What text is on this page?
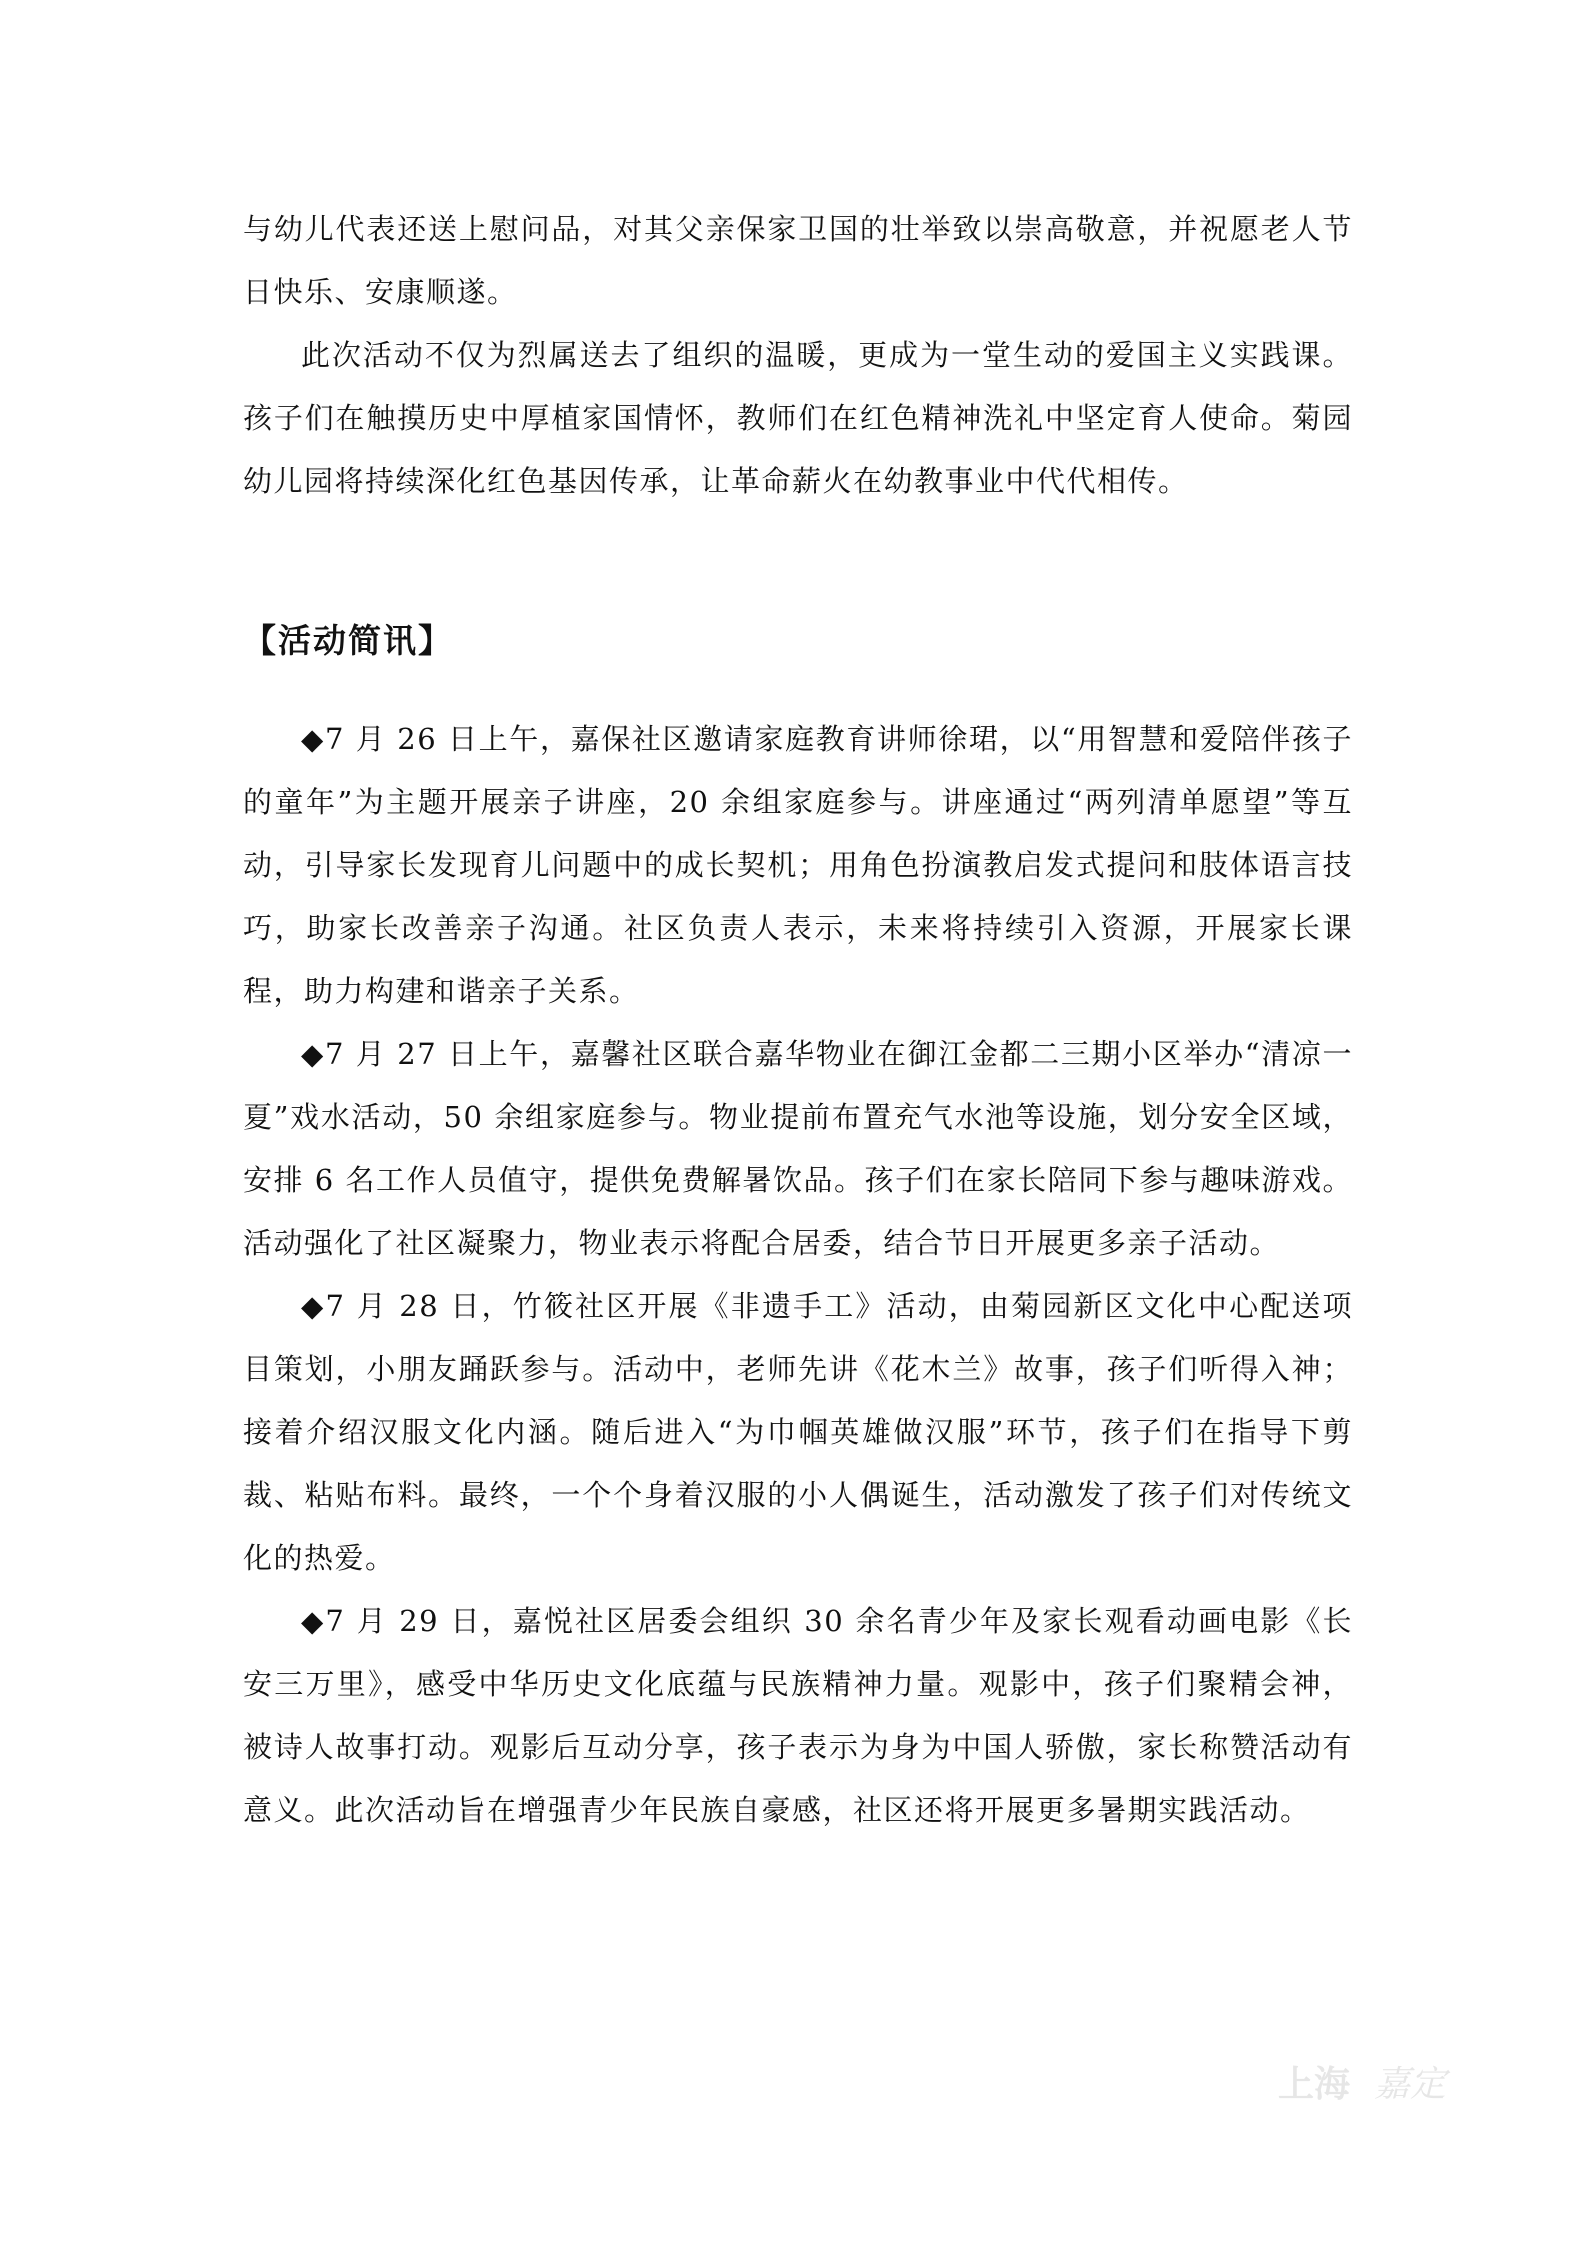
与幼儿代表还送上慰问品，对其父亲保家卫国的壮举致以崇高敬意，并祝愿老人节日快乐、安康顺遂。

此次活动不仅为烈属送去了组织的温暖，更成为一堂生动的爱国主义实践课。孩子们在触摸历史中厚植家国情怀，教师们在红色精神洗礼中坚定育人使命。菊园幼儿园将持续深化红色基因传承，让革命薪火在幼教事业中代代相传。

【活动简讯】

◆7 月 26 日上午，嘉保社区邀请家庭教育讲师徐珺，以“用智慧和爱陪伴孩子的童年”为主题开展亲子讲座，20 余组家庭参与。讲座通过“两列清单愿望”等互动，引导家长发现育儿问题中的成长契机；用角色扮演教启发式提问和肢体语言技巧，助家长改善亲子沟通。社区负责人表示，未来将持续引入资源，开展家长课程，助力构建和谐亲子关系。

◆7 月 27 日上午，嘉馨社区联合嘉华物业在御江金都二三期小区举办“清凉一夏”戏水活动，50 余组家庭参与。物业提前布置充气水池等设施，划分安全区域，安排 6 名工作人员值守，提供免费解暑饮品。孩子们在家长陪同下参与趣味游戏。活动强化了社区凝聚力，物业表示将配合居委，结合节日开展更多亲子活动。

◆7 月 28 日，竹筱社区开展《非遗手工》活动，由菊园新区文化中心配送项目策划，小朋友踊跃参与。活动中，老师先讲《花木兰》故事，孩子们听得入神；接着介绍汉服文化内涵。随后进入“为巾帼英雄做汉服”环节，孩子们在指导下剪裁、粘贴布料。最终，一个个身着汉服的小人偶诞生，活动激发了孩子们对传统文化的热爱。

◆7 月 29 日，嘉悦社区居委会组织 30 余名青少年及家长观看动画电影《长安三万里》，感受中华历史文化底蕴与民族精神力量。观影中，孩子们聚精会神，被诗人故事打动。观影后互动分享，孩子表示为身为中国人骄傲，家长称赞活动有意义。此次活动旨在增强青少年民族自豪感，社区还将开展更多暑期实践活动。

上海 嘉定
